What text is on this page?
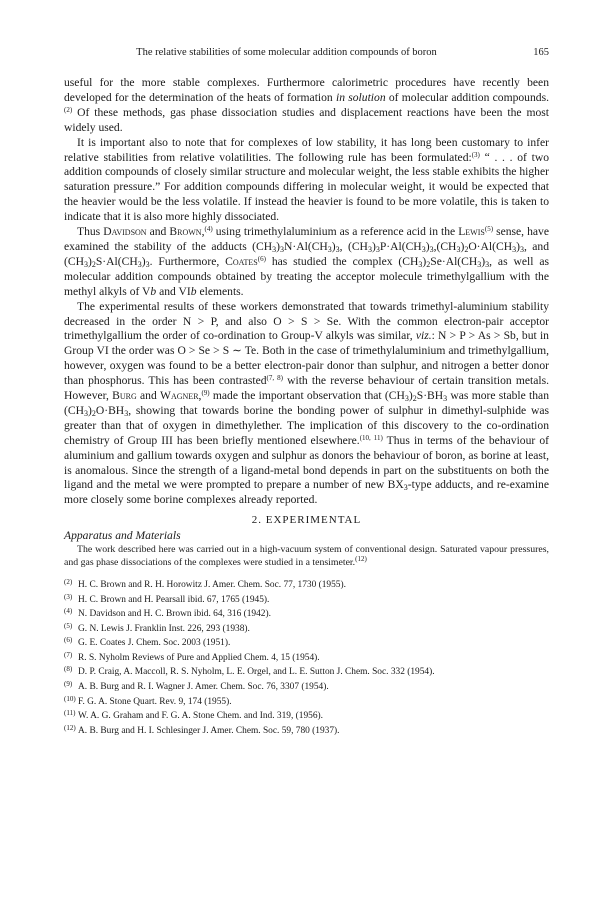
The relative stabilities of some molecular addition compounds of boron	165

useful for the more stable complexes. Furthermore calorimetric procedures have recently been developed for the determination of the heats of formation in solution of molecular addition compounds.$^{(2)}$ Of these methods, gas phase dissociation studies and displacement reactions have been the most widely used.

It is important also to note that for complexes of low stability, it has long been customary to infer relative stabilities from relative volatilities. The following rule has been formulated:$^{(3)}$ “ . . . of two addition compounds of closely similar structure and molecular weight, the less stable exhibits the higher saturation pressure.” For addition compounds differing in molecular weight, it would be expected that the heavier would be the less volatile. If instead the heavier is found to be more volatile, this is taken to indicate that it is also more highly dissociated.

Thus Davidson and Brown,$^{(4)}$ using trimethylaluminium as a reference acid in the Lewis$^{(5)}$ sense, have examined the stability of the adducts $(CH_3)_3N\cdot Al(CH_3)_3$, $(CH_3)_3P\cdot Al(CH_3)_3,(CH_3)_2O\cdot Al(CH_3)_3$, and $(CH_3)_2S\cdot Al(CH_3)_3$. Furthermore, Coates$^{(6)}$ has studied the complex $(CH_3)_2Se\cdot Al(CH_3)_3$, as well as molecular addition compounds obtained by treating the acceptor molecule trimethylgallium with the methyl alkyls of Vb and VIb elements.

The experimental results of these workers demonstrated that towards trimethyl-aluminium stability decreased in the order N > P, and also O > S > Se. With the common electron-pair acceptor trimethylgallium the order of co-ordination to Group-V alkyls was similar, viz.: N > P > As > Sb, but in Group VI the order was O > Se > S ∼ Te. Both in the case of trimethylaluminium and trimethylgallium, however, oxygen was found to be a better electron-pair donor than sulphur, and nitrogen a better donor than phosphorus. This has been contrasted$^{(7, 8)}$ with the reverse behaviour of certain transition metals. However, Burg and Wagner,$^{(9)}$ made the important observation that $(CH_3)_2S\cdot BH_3$ was more stable than $(CH_3)_2O\cdot BH_3$, showing that towards borine the bonding power of sulphur in dimethyl-sulphide was greater than that of oxygen in dimethylether. The implication of this discovery to the co-ordination chemistry of Group III has been briefly mentioned elsewhere.$^{(10, 11)}$ Thus in terms of the behaviour of aluminium and gallium towards oxygen and sulphur as donors the behaviour of boron, as borine at least, is anomalous. Since the strength of a ligand-metal bond depends in part on the substituents on both the ligand and the metal we were prompted to prepare a number of new $BX_3$-type adducts, and re-examine more closely some borine complexes already reported.

2. EXPERIMENTAL
Apparatus and Materials

The work described here was carried out in a high-vacuum system of conventional design. Saturated vapour pressures, and gas phase dissociations of the complexes were studied in a tensimeter.$^{(12)}$

(2) H. C. Brown and R. H. Horowitz J. Amer. Chem. Soc. 77, 1730 (1955).
(3) H. C. Brown and H. Pearsall ibid. 67, 1765 (1945).
(4) N. Davidson and H. C. Brown ibid. 64, 316 (1942).
(5) G. N. Lewis J. Franklin Inst. 226, 293 (1938).
(6) G. E. Coates J. Chem. Soc. 2003 (1951).
(7) R. S. Nyholm Reviews of Pure and Applied Chem. 4, 15 (1954).
(8) D. P. Craig, A. Maccoll, R. S. Nyholm, L. E. Orgel, and L. E. Sutton J. Chem. Soc. 332 (1954).
(9) A. B. Burg and R. I. Wagner J. Amer. Chem. Soc. 76, 3307 (1954).
(10) F. G. A. Stone Quart. Rev. 9, 174 (1955).
(11) W. A. G. Graham and F. G. A. Stone Chem. and Ind. 319, (1956).
(12) A. B. Burg and H. I. Schlesinger J. Amer. Chem. Soc. 59, 780 (1937).
